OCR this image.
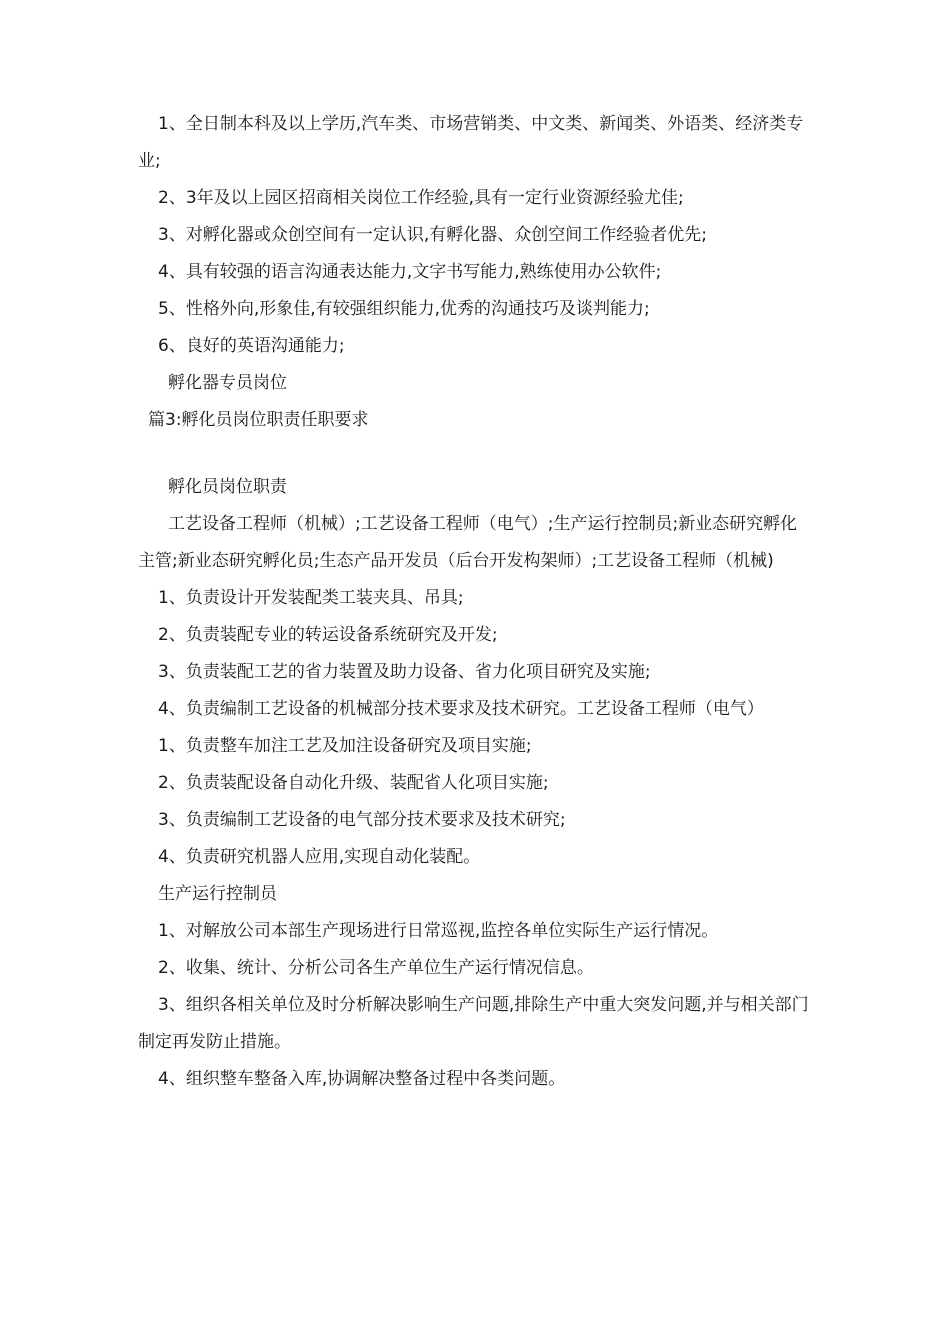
1、全日制本科及以上学历,汽车类、市场营销类、中文类、新闻类、外语类、经济类专业;

2、3年及以上园区招商相关岗位工作经验,具有一定行业资源经验尤佳;

3、对孵化器或众创空间有一定认识,有孵化器、众创空间工作经验者优先;

4、具有较强的语言沟通表达能力,文字书写能力,熟练使用办公软件;

5、性格外向,形象佳,有较强组织能力,优秀的沟通技巧及谈判能力;

6、良好的英语沟通能力;

孵化器专员岗位

篇3:孵化员岗位职责任职要求

孵化员岗位职责

工艺设备工程师（机械）;工艺设备工程师（电气）;生产运行控制员;新业态研究孵化主管;新业态研究孵化员;生态产品开发员（后台开发构架师）;工艺设备工程师（机械)

1、负责设计开发装配类工装夹具、吊具;

2、负责装配专业的转运设备系统研究及开发;

3、负责装配工艺的省力装置及助力设备、省力化项目研究及实施;

4、负责编制工艺设备的机械部分技术要求及技术研究。工艺设备工程师（电气）

1、负责整车加注工艺及加注设备研究及项目实施;

2、负责装配设备自动化升级、装配省人化项目实施;

3、负责编制工艺设备的电气部分技术要求及技术研究;

4、负责研究机器人应用,实现自动化装配。

生产运行控制员

1、对解放公司本部生产现场进行日常巡视,监控各单位实际生产运行情况。

2、收集、统计、分析公司各生产单位生产运行情况信息。

3、组织各相关单位及时分析解决影响生产问题,排除生产中重大突发问题,并与相关部门制定再发防止措施。

4、组织整车整备入库,协调解决整备过程中各类问题。
